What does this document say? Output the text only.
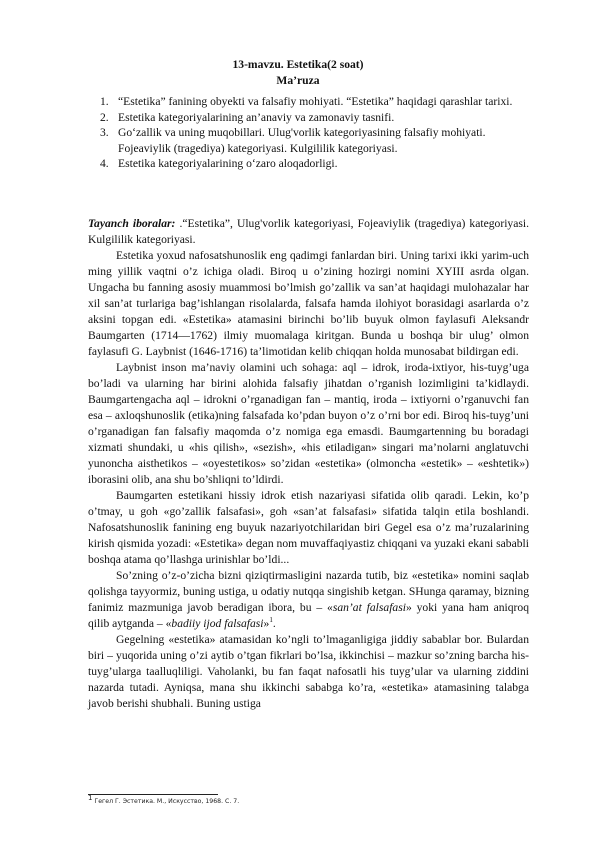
13-mavzu. Estetika(2 soat)
Ma’ruza
1. “Estetika” fanining obyekti va falsafiy mohiyati. “Estetika” haqidagi qarashlar tarixi.
2. Estetika kategoriyalarining an’anaviy va zamonaviy tasnifi.
3. Go‘zallik va uning muqobillari. Ulug'vorlik kategoriyasining falsafiy mohiyati. Fojeaviylik (tragediya) kategoriyasi. Kulgililik kategoriyasi.
4. Estetika kategoriyalarining o‘zaro aloqadorligi.

Tayanch iboralar: .“Estetika”, Ulug'vorlik kategoriyasi, Fojeaviylik (tragediya) kategoriyasi. Kulgililik kategoriyasi.

Estetika yoxud nafosatshunoslik eng qadimgi fanlardan biri. Uning tarixi ikki yarim-uch ming yillik vaqtni o’z ichiga oladi. Biroq u o’zining hozirgi nomini XYIII asrda olgan. Ungacha bu fanning asosiy muammosi bo’lmish go’zallik va san’at haqidagi mulohazalar har xil san’at turlariga bag’ishlangan risolalarda, falsafa hamda ilohiyot borasidagi asarlarda o’z aksini topgan edi. «Estetika» atamasini birinchi bo’lib buyuk olmon faylasufi Aleksandr Baumgarten (1714—1762) ilmiy muomalaga kiritgan. Bunda u boshqa bir ulug’ olmon faylasufi G. Laybnist (1646-1716) ta’limotidan kelib chiqqan holda munosabat bildirgan edi.

Laybnist inson ma’naviy olamini uch sohaga: aql – idrok, iroda-ixtiyor, his-tuyg’uga bo’ladi va ularning har birini alohida falsafiy jihatdan o’rganish lozimligini ta’kidlaydi. Baumgartengacha aql – idrokni o’rganadigan fan – mantiq, iroda – ixtiyorni o’rganuvchi fan esa – axloqshunoslik (etika)ning falsafada ko’pdan buyon o’z o’rni bor edi. Biroq his-tuyg’uni o’rganadigan fan falsafiy maqomda o’z nomiga ega emasdi. Baumgartenning bu boradagi xizmati shundaki, u «his qilish», «sezish», «his etiladigan» singari ma’nolarni anglatuvchi yunoncha aisthetikos – «oyestetikos» so’zidan «estetika» (olmoncha «estetik» – «eshtetik») iborasini olib, ana shu bo’shliqni to’ldirdi.

Baumgarten estetikani hissiy idrok etish nazariyasi sifatida olib qaradi. Lekin, ko’p o’tmay, u goh «go’zallik falsafasi», goh «san’at falsafasi» sifatida talqin etila boshlandi. Nafosatshunoslik fanining eng buyuk nazariyotchilaridan biri Gegel esa o’z ma’ruzalarining kirish qismida yozadi: «Estetika» degan nom muvaffaqiyastiz chiqqani va yuzaki ekani sababli boshqa atama qo’llashga urinishlar bo’ldi...

So’zning o’z-o’zicha bizni qiziqtirmasligini nazarda tutib, biz «estetika» nomini saqlab qolishga tayyormiz, buning ustiga, u odatiy nutqqa singishib ketgan. SHunga qaramay, bizning fanimiz mazmuniga javob beradigan ibora, bu – «san’at falsafasi» yoki yana ham aniqroq qilib aytganda – «badiiy ijod falsafasi»$^1$.

Gegelning «estetika» atamasidan ko’ngli to’lmaganligiga jiddiy sabablar bor. Bulardan biri – yuqorida uning o’zi aytib o’tgan fikrlari bo’lsa, ikkinchisi – mazkur so’zning barcha his-tuyg’ularga taalluqliligi. Vaholanki, bu fan faqat nafosatli his tuyg’ular va ularning ziddini nazarda tutadi. Ayniqsa, mana shu ikkinchi sababga ko’ra, «estetika» atamasining talabga javob berishi shubhali. Buning ustiga

$^1$ Гегел Г. Эстетика. М., Искусство, 1968. С. 7.
